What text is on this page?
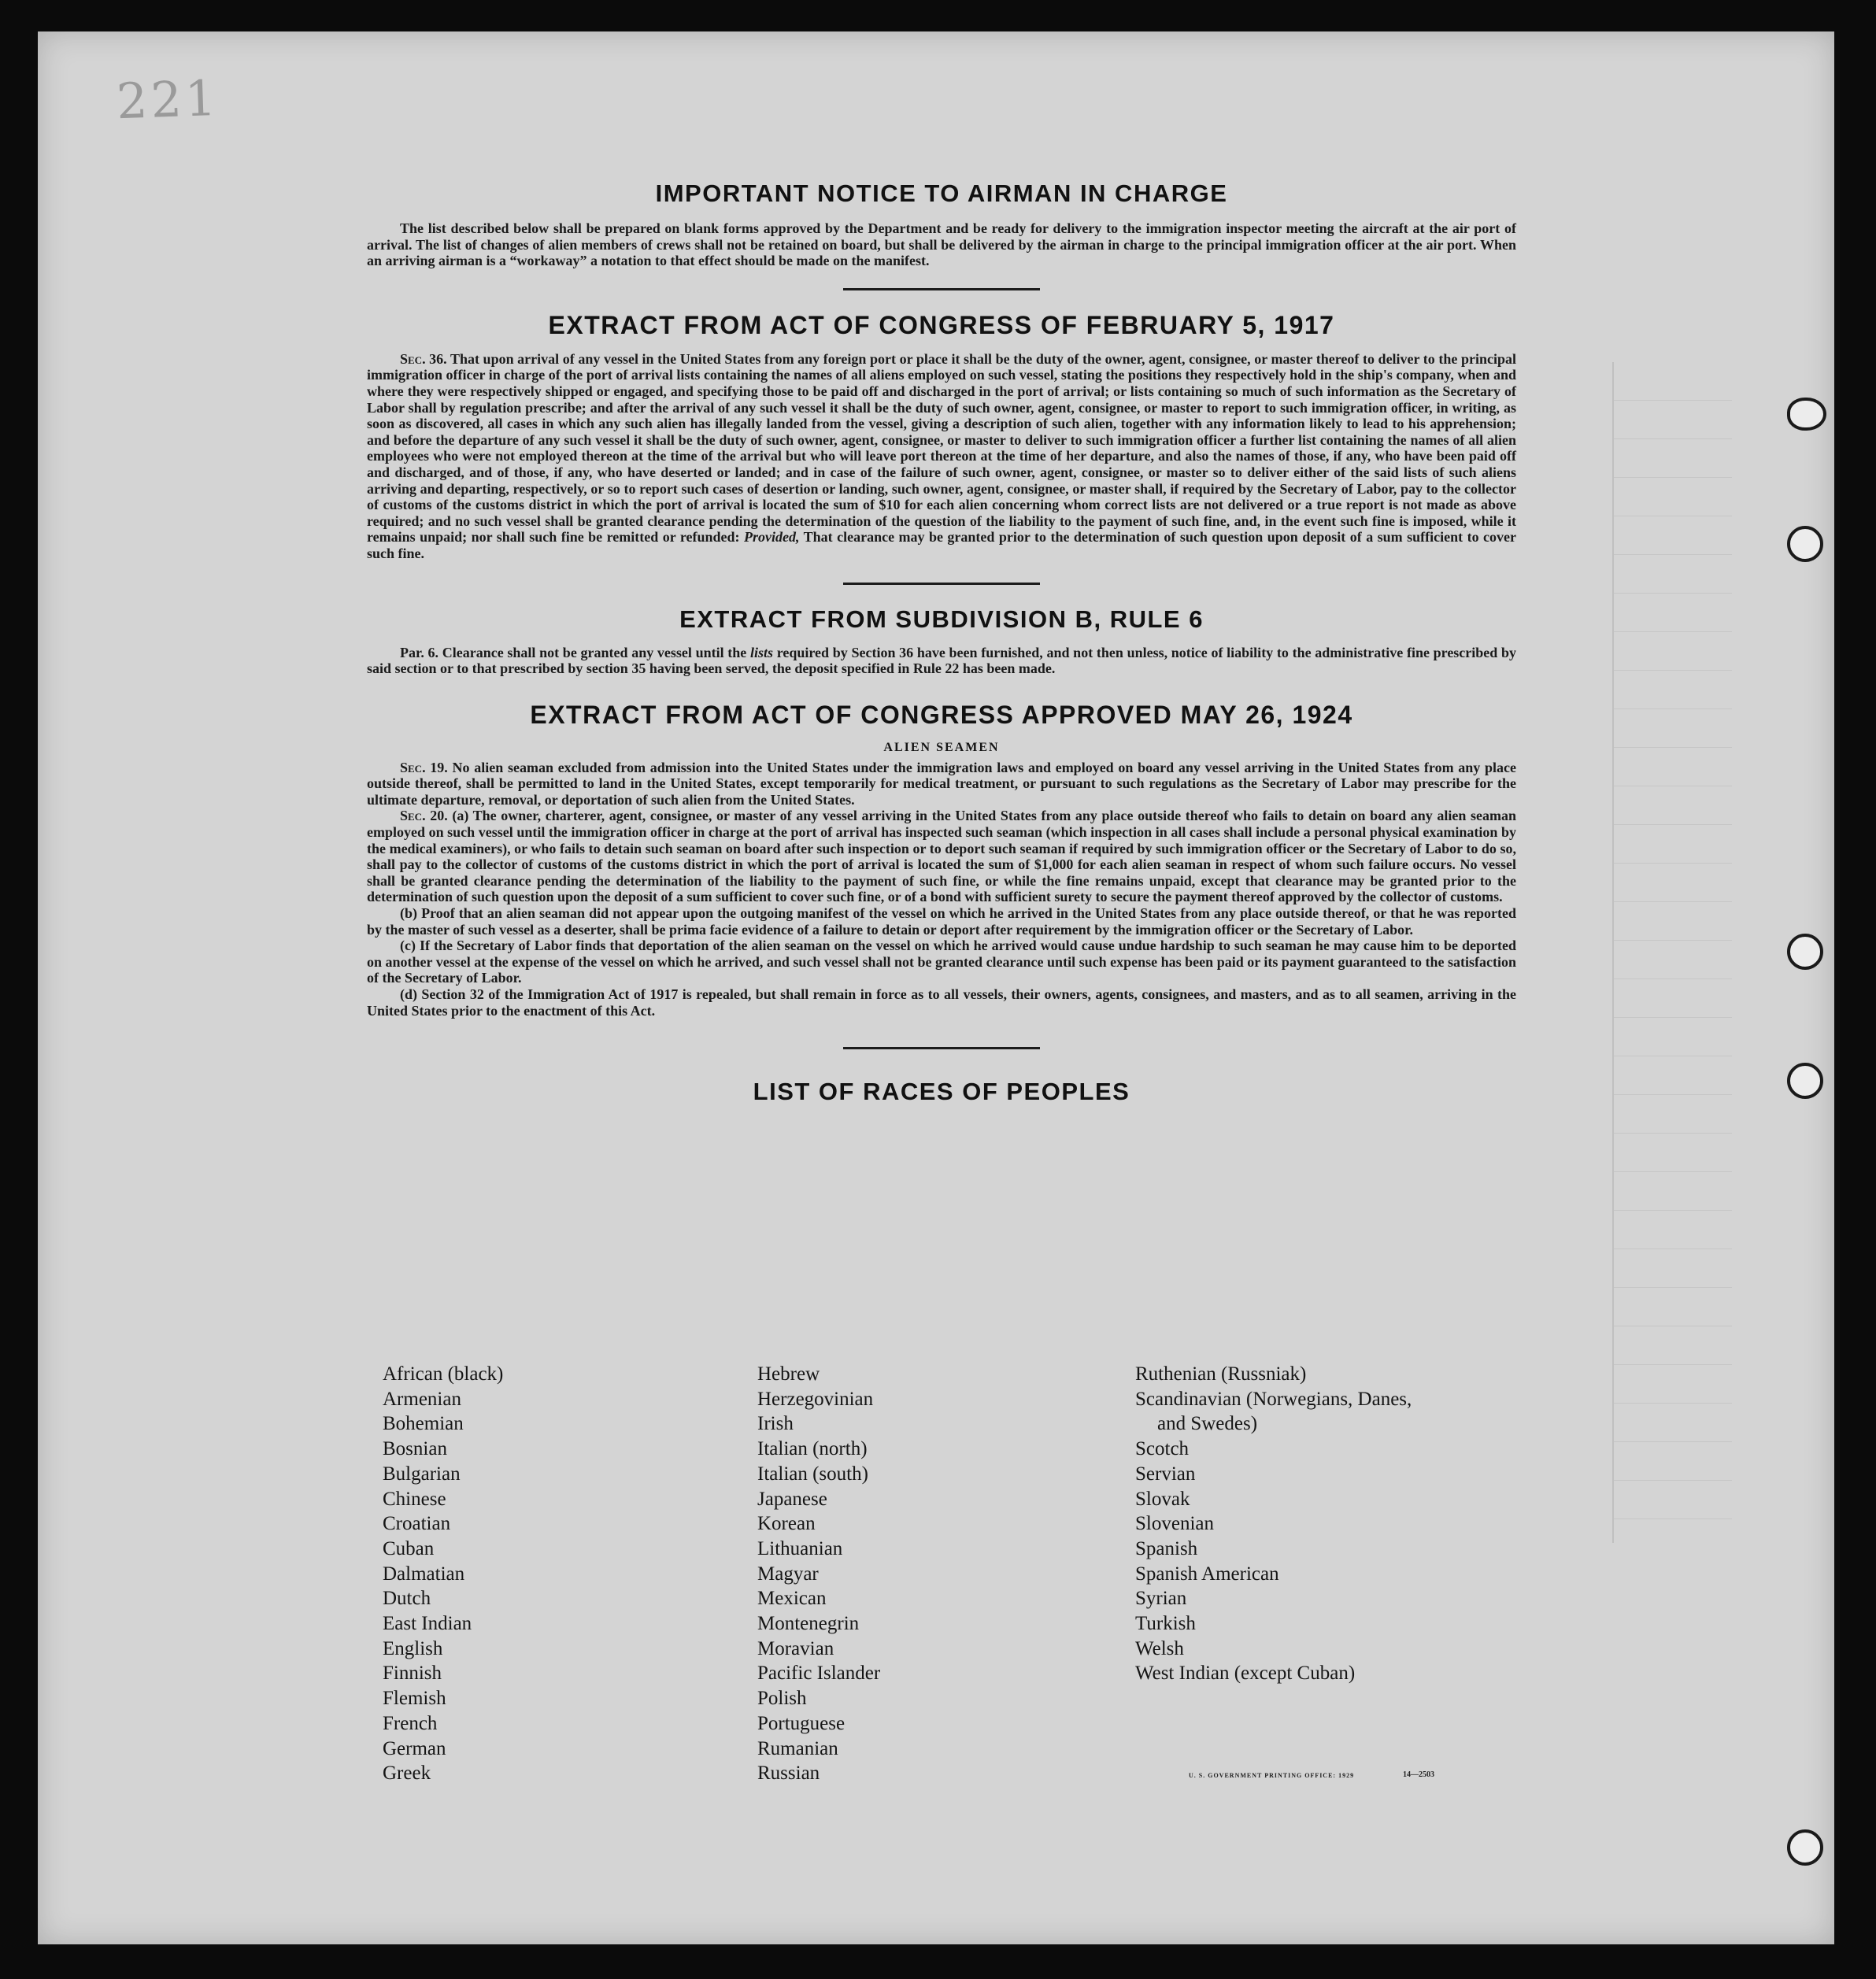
221
IMPORTANT NOTICE TO AIRMAN IN CHARGE

The list described below shall be prepared on blank forms approved by the Department and be ready for delivery to the immigration inspector meeting the aircraft at the air port of arrival. The list of changes of alien members of crews shall not be retained on board, but shall be delivered by the airman in charge to the principal immigration officer at the air port. When an arriving airman is a “workaway” a notation to that effect should be made on the manifest.

EXTRACT FROM ACT OF CONGRESS OF FEBRUARY 5, 1917

Sec. 36. That upon arrival of any vessel in the United States from any foreign port or place it shall be the duty of the owner, agent, consignee, or master thereof to deliver to the principal immigration officer in charge of the port of arrival lists containing the names of all aliens employed on such vessel, stating the positions they respectively hold in the ship's company, when and where they were respectively shipped or engaged, and specifying those to be paid off and discharged in the port of arrival; or lists containing so much of such information as the Secretary of Labor shall by regulation prescribe; and after the arrival of any such vessel it shall be the duty of such owner, agent, consignee, or master to report to such immigration officer, in writing, as soon as discovered, all cases in which any such alien has illegally landed from the vessel, giving a description of such alien, together with any information likely to lead to his apprehension; and before the departure of any such vessel it shall be the duty of such owner, agent, consignee, or master to deliver to such immigration officer a further list containing the names of all alien employees who were not employed thereon at the time of the arrival but who will leave port thereon at the time of her departure, and also the names of those, if any, who have been paid off and discharged, and of those, if any, who have deserted or landed; and in case of the failure of such owner, agent, consignee, or master so to deliver either of the said lists of such aliens arriving and departing, respectively, or so to report such cases of desertion or landing, such owner, agent, consignee, or master shall, if required by the Secretary of Labor, pay to the collector of customs of the customs district in which the port of arrival is located the sum of $10 for each alien concerning whom correct lists are not delivered or a true report is not made as above required; and no such vessel shall be granted clearance pending the determination of the question of the liability to the payment of such fine, and, in the event such fine is imposed, while it remains unpaid; nor shall such fine be remitted or refunded: Provided, That clearance may be granted prior to the determination of such question upon deposit of a sum sufficient to cover such fine.

EXTRACT FROM SUBDIVISION B, RULE 6

Par. 6. Clearance shall not be granted any vessel until the lists required by Section 36 have been furnished, and not then unless, notice of liability to the administrative fine prescribed by said section or to that prescribed by section 35 having been served, the deposit specified in Rule 22 has been made.

EXTRACT FROM ACT OF CONGRESS APPROVED MAY 26, 1924
ALIEN SEAMEN

Sec. 19. No alien seaman excluded from admission into the United States under the immigration laws and employed on board any vessel arriving in the United States from any place outside thereof, shall be permitted to land in the United States, except temporarily for medical treatment, or pursuant to such regulations as the Secretary of Labor may prescribe for the ultimate departure, removal, or deportation of such alien from the United States.

Sec. 20. (a) The owner, charterer, agent, consignee, or master of any vessel arriving in the United States from any place outside thereof who fails to detain on board any alien seaman employed on such vessel until the immigration officer in charge at the port of arrival has inspected such seaman (which inspection in all cases shall include a personal physical examination by the medical examiners), or who fails to detain such seaman on board after such inspection or to deport such seaman if required by such immigration officer or the Secretary of Labor to do so, shall pay to the collector of customs of the customs district in which the port of arrival is located the sum of $1,000 for each alien seaman in respect of whom such failure occurs. No vessel shall be granted clearance pending the determination of the liability to the payment of such fine, or while the fine remains unpaid, except that clearance may be granted prior to the determination of such question upon the deposit of a sum sufficient to cover such fine, or of a bond with sufficient surety to secure the payment thereof approved by the collector of customs.

(b) Proof that an alien seaman did not appear upon the outgoing manifest of the vessel on which he arrived in the United States from any place outside thereof, or that he was reported by the master of such vessel as a deserter, shall be prima facie evidence of a failure to detain or deport after requirement by the immigration officer or the Secretary of Labor.

(c) If the Secretary of Labor finds that deportation of the alien seaman on the vessel on which he arrived would cause undue hardship to such seaman he may cause him to be deported on another vessel at the expense of the vessel on which he arrived, and such vessel shall not be granted clearance until such expense has been paid or its payment guaranteed to the satisfaction of the Secretary of Labor.

(d) Section 32 of the Immigration Act of 1917 is repealed, but shall remain in force as to all vessels, their owners, agents, consignees, and masters, and as to all seamen, arriving in the United States prior to the enactment of this Act.

LIST OF RACES OF PEOPLES
African (black)
Armenian
Bohemian
Bosnian
Bulgarian
Chinese
Croatian
Cuban
Dalmatian
Dutch
East Indian
English
Finnish
Flemish
French
German
Greek
Hebrew
Herzegovinian
Irish
Italian (north)
Italian (south)
Japanese
Korean
Lithuanian
Magyar
Mexican
Montenegrin
Moravian
Pacific Islander
Polish
Portuguese
Rumanian
Russian
Ruthenian (Russniak)
Scandinavian (Norwegians, Danes,
and Swedes)
Scotch
Servian
Slovak
Slovenian
Spanish
Spanish American
Syrian
Turkish
Welsh
West Indian (except Cuban)
U. S. GOVERNMENT PRINTING OFFICE: 1929	14—2503
